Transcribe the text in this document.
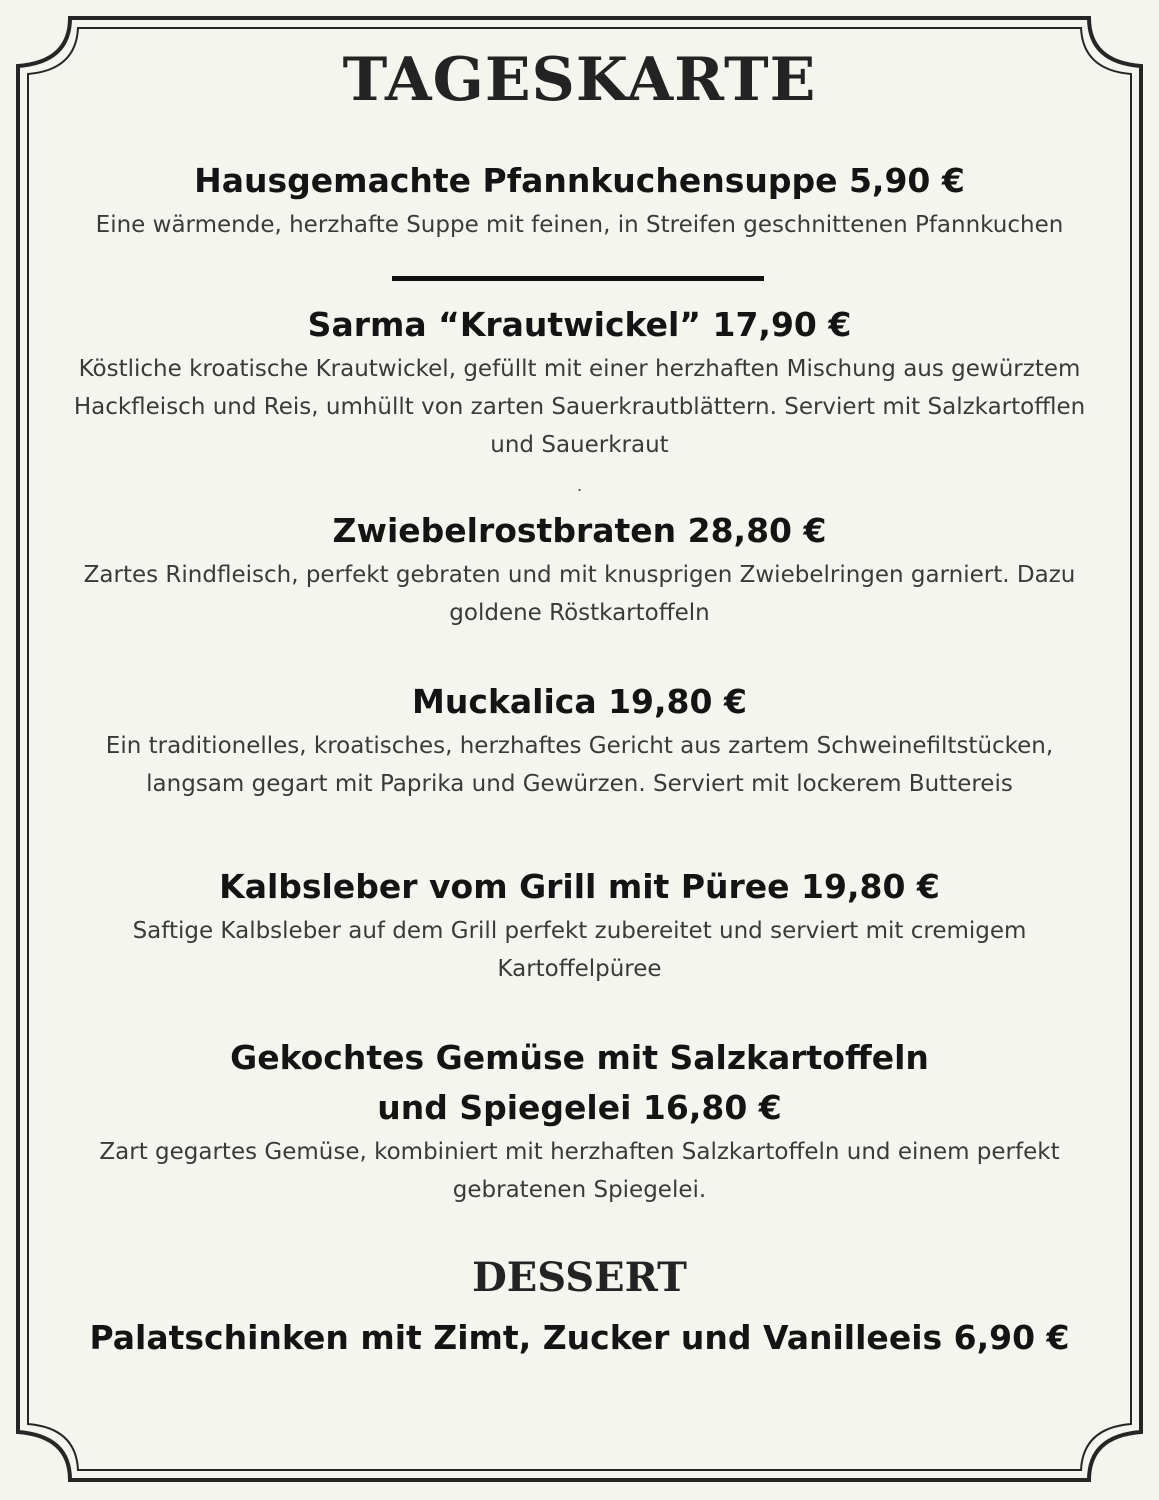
TAGESKARTE
Hausgemachte Pfannkuchensuppe 5,90 €
Eine wärmende, herzhafte Suppe mit feinen, in Streifen geschnittenen Pfannkuchen
Sarma “Krautwickel” 17,90 €
Köstliche kroatische Krautwickel, gefüllt mit einer herzhaften Mischung aus gewürztem Hackfleisch und Reis, umhüllt von zarten Sauerkrautblättern. Serviert mit Salzkartofflen und Sauerkraut
.
Zwiebelrostbraten 28,80 €
Zartes Rindfleisch, perfekt gebraten und mit knusprigen Zwiebelringen garniert. Dazu goldene Röstkartoffeln
Muckalica 19,80 €
Ein traditionelles, kroatisches, herzhaftes Gericht aus zartem Schweinefiltstücken, langsam gegart mit Paprika und Gewürzen. Serviert mit lockerem Buttereis
Kalbsleber vom Grill mit Püree 19,80 €
Saftige Kalbsleber auf dem Grill perfekt zubereitet und serviert mit cremigem Kartoffelpüree
Gekochtes Gemüse mit Salzkartoffeln
und Spiegelei 16,80 €
Zart gegartes Gemüse, kombiniert mit herzhaften Salzkartoffeln und einem perfekt gebratenen Spiegelei.
DESSERT
Palatschinken mit Zimt, Zucker und Vanilleeis 6,90 €
